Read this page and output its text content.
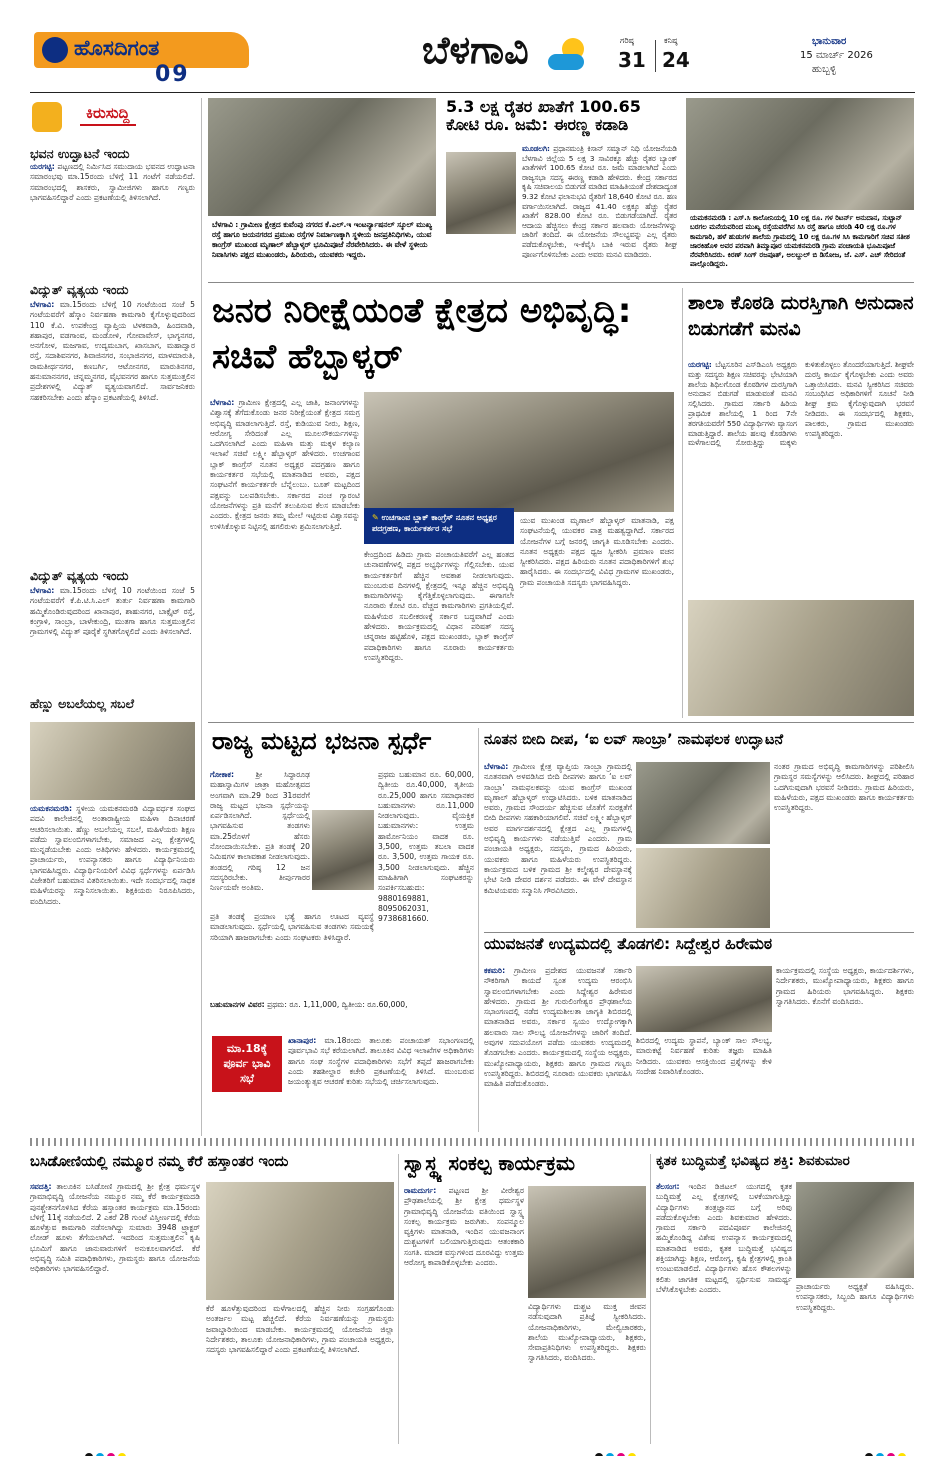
ಹೊಸದಿಗಂತ
09
ಬೆಳಗಾವಿ	ಗರಿಷ್ಠ
31
ಕನಿಷ್ಠ
24
ಭಾನುವಾರ
15 ಮಾರ್ಚ್ 2026
ಹುಬ್ಬಳ್ಳಿ
ಕಿರುಸುದ್ದಿ
ಭವನ ಉದ್ಘಾಟನೆ ಇಂದು
ಯರಗಟ್ಟಿ: ಪಟ್ಟಣದಲ್ಲಿ ನಿರ್ಮಿಸಿದ ಸಮುದಾಯ ಭವನದ ಉದ್ಘಾಟನಾ ಸಮಾರಂಭವು ಮಾ.15ರಂದು ಬೆಳಿಗ್ಗೆ 11 ಗಂಟೆಗೆ ನಡೆಯಲಿದೆ. ಸಮಾರಂಭದಲ್ಲಿ ಶಾಸಕರು, ಸ್ವಾಮೀಜಿಗಳು ಹಾಗೂ ಗಣ್ಯರು ಭಾಗವಹಿಸಲಿದ್ದಾರೆ ಎಂದು ಪ್ರಕಟಣೆಯಲ್ಲಿ ತಿಳಿಸಲಾಗಿದೆ.
ವಿದ್ಯುತ್ ವ್ಯತ್ಯಯ ಇಂದು
ಬೆಳಗಾವಿ: ಮಾ.15ರಂದು ಬೆಳಿಗ್ಗೆ 10 ಗಂಟೆಯಿಂದ ಸಂಜೆ 5 ಗಂಟೆಯವರೆಗೆ ಹೆಸ್ಕಾಂ ನಿರ್ವಹಣಾ ಕಾಮಗಾರಿ ಕೈಗೊಳ್ಳುವುದರಿಂದ 110 ಕೆ.ವಿ. ಉಪಕೇಂದ್ರ ವ್ಯಾಪ್ತಿಯ ಟಿಳಕವಾಡಿ, ಹಿಂದವಾಡಿ, ಶಹಾಪುರ, ವಡಗಾಂವ, ಮಂಡೋಳಿ, ಗೋವಾವೇಸ್, ಭಾಗ್ಯನಗರ, ಅನಗೋಳ, ಮಜಗಾವ, ಉದ್ಯಮಬಾಗ, ಖಾಸಬಾಗ, ಮಹಾದ್ವಾರ ರಸ್ತೆ, ಸದಾಶಿವನಗರ, ಶಿವಾಜಿನಗರ, ಸಂಭಾಜಿನಗರ, ಮಾಳಮಾರುತಿ, ರಾಮತೀರ್ಥನಗರ, ಕಣಬರ್ಗಿ, ಆಟೋನಗರ, ಮಾರುತಿನಗರ, ಹನುಮಾನನಗರ, ಚನ್ನಮ್ಮನಗರ, ವೈಭವನಗರ ಹಾಗೂ ಸುತ್ತಮುತ್ತಲಿನ ಪ್ರದೇಶಗಳಲ್ಲಿ ವಿದ್ಯುತ್ ವ್ಯತ್ಯಯವಾಗಲಿದೆ. ಸಾರ್ವಜನಿಕರು ಸಹಕರಿಸಬೇಕು ಎಂದು ಹೆಸ್ಕಾಂ ಪ್ರಕಟಣೆಯಲ್ಲಿ ತಿಳಿಸಿದೆ.
ವಿದ್ಯುತ್ ವ್ಯತ್ಯಯ ಇಂದು
ಬೆಳಗಾವಿ: ಮಾ.15ರಂದು ಬೆಳಿಗ್ಗೆ 10 ಗಂಟೆಯಿಂದ ಸಂಜೆ 5 ಗಂಟೆಯವರೆಗೆ ಕೆ.ಪಿ.ಟಿ.ಸಿ.ಎಲ್ ತುರ್ತು ನಿರ್ವಹಣಾ ಕಾಮಗಾರಿ ಹಮ್ಮಿಕೊಂಡಿರುವುದರಿಂದ ಖಾನಾಪುರ, ಶಾಹುನಗರ, ಬಾಕ್ಸೈಟ್ ರಸ್ತೆ, ಕಂಗ್ರಾಳಿ, ಸಾಂಬ್ರಾ, ಬಾಳೇಕುಂದ್ರಿ, ಮುತಗಾ ಹಾಗೂ ಸುತ್ತಮುತ್ತಲಿನ ಗ್ರಾಮಗಳಲ್ಲಿ ವಿದ್ಯುತ್ ಪೂರೈಕೆ ಸ್ಥಗಿತಗೊಳ್ಳಲಿದೆ ಎಂದು ತಿಳಿಸಲಾಗಿದೆ.
ಹೆಣ್ಣು ಅಬಲೆಯಲ್ಲ ಸಬಲೆ
ಯಮಕನಮರಡಿ: ಸ್ಥಳೀಯ ಯಮಕನಮರಡಿ ವಿದ್ಯಾವರ್ಧಕ ಸಂಘದ ಪದವಿ ಕಾಲೇಜಿನಲ್ಲಿ ಅಂತಾರಾಷ್ಟ್ರೀಯ ಮಹಿಳಾ ದಿನಾಚರಣೆ ಆಚರಿಸಲಾಯಿತು. ಹೆಣ್ಣು ಅಬಲೆಯಲ್ಲ ಸಬಲೆ, ಮಹಿಳೆಯರು ಶಿಕ್ಷಣ ಪಡೆದು ಸ್ವಾವಲಂಬಿಗಳಾಗಬೇಕು, ಸಮಾಜದ ಎಲ್ಲ ಕ್ಷೇತ್ರಗಳಲ್ಲಿ ಮುನ್ನಡೆಯಬೇಕು ಎಂದು ಅತಿಥಿಗಳು ಹೇಳಿದರು. ಕಾರ್ಯಕ್ರಮದಲ್ಲಿ ಪ್ರಾಚಾರ್ಯರು, ಉಪನ್ಯಾಸಕರು ಹಾಗೂ ವಿದ್ಯಾರ್ಥಿನಿಯರು ಭಾಗವಹಿಸಿದ್ದರು. ವಿದ್ಯಾರ್ಥಿನಿಯರಿಗೆ ವಿವಿಧ ಸ್ಪರ್ಧೆಗಳನ್ನು ಏರ್ಪಡಿಸಿ ವಿಜೇತರಿಗೆ ಬಹುಮಾನ ವಿತರಿಸಲಾಯಿತು. ಇದೇ ಸಂದರ್ಭದಲ್ಲಿ ಸಾಧಕ ಮಹಿಳೆಯರನ್ನು ಸನ್ಮಾನಿಸಲಾಯಿತು. ಶಿಕ್ಷಕಿಯರು ನಿರೂಪಿಸಿದರು, ವಂದಿಸಿದರು.
ಬೆಳಗಾವಿ : ಗ್ರಾಮೀಣ ಕ್ಷೇತ್ರದ ಕುವೆಂಪು ನಗರದ ಕೆ.ಎಲ್.ಇ ಇಂಟರ್ನ್ಯಾಷನಲ್ ಸ್ಕೂಲ್ ಮುಖ್ಯ ರಸ್ತೆ ಹಾಗೂ ಜಯನಗರದ ಪ್ರಮುಖ ರಸ್ತೆಗಳ ನಿರ್ಮಾಣಕ್ಕಾಗಿ ಸ್ಥಳೀಯ ಜನಪ್ರತಿನಿಧಿಗಳು, ಯುವ ಕಾಂಗ್ರೆಸ್ ಮುಖಂಡ ಮೃಣಾಲ್ ಹೆಬ್ಬಾಳ್ಕರ್ ಭೂಮಿಪೂಜೆ ನೆರವೇರಿಸಿದರು. ಈ ವೇಳೆ ಸ್ಥಳೀಯ ನಿವಾಸಿಗಳು ಪಕ್ಷದ ಮುಖಂಡರು, ಹಿರಿಯರು, ಯುವಕರು ಇದ್ದರು.
5.3 ಲಕ್ಷ ರೈತರ ಖಾತೆಗೆ 100.65 ಕೋಟಿ ರೂ. ಜಮೆ: ಈರಣ್ಣ ಕಡಾಡಿ
ಮೂಡಲಗಿ: ಪ್ರಧಾನಮಂತ್ರಿ ಕಿಸಾನ್ ಸಮ್ಮಾನ್ ನಿಧಿ ಯೋಜನೆಯಡಿ ಬೆಳಗಾವಿ ಜಿಲ್ಲೆಯ 5 ಲಕ್ಷ 3 ಸಾವಿರಕ್ಕೂ ಹೆಚ್ಚು ರೈತರ ಬ್ಯಾಂಕ್ ಖಾತೆಗಳಿಗೆ 100.65 ಕೋಟಿ ರೂ. ಜಮೆ ಮಾಡಲಾಗಿದೆ ಎಂದು ರಾಜ್ಯಸಭಾ ಸದಸ್ಯ ಈರಣ್ಣ ಕಡಾಡಿ ಹೇಳಿದರು. ಕೇಂದ್ರ ಸರ್ಕಾರದ ಕೃಷಿ ಸಚಿವಾಲಯ ಬಿಡುಗಡೆ ಮಾಡಿದ ಮಾಹಿತಿಯಂತೆ ದೇಶದಾದ್ಯಂತ 9.32 ಕೋಟಿ ಫಲಾನುಭವಿ ರೈತರಿಗೆ 18,640 ಕೋಟಿ ರೂ. ಹಣ ವರ್ಗಾಯಿಸಲಾಗಿದೆ. ರಾಜ್ಯದ 41.40 ಲಕ್ಷಕ್ಕೂ ಹೆಚ್ಚು ರೈತರ ಖಾತೆಗೆ 828.00 ಕೋಟಿ ರೂ. ಬಿಡುಗಡೆಯಾಗಿದೆ. ರೈತರ ಆದಾಯ ಹೆಚ್ಚಿಸಲು ಕೇಂದ್ರ ಸರ್ಕಾರ ಹಲವಾರು ಯೋಜನೆಗಳನ್ನು ಜಾರಿಗೆ ತಂದಿದೆ. ಈ ಯೋಜನೆಯ ಸೌಲಭ್ಯವನ್ನು ಎಲ್ಲ ರೈತರು ಪಡೆದುಕೊಳ್ಳಬೇಕು, ಇ-ಕೆವೈಸಿ ಬಾಕಿ ಇರುವ ರೈತರು ಶೀಘ್ರ ಪೂರ್ಣಗೊಳಿಸಬೇಕು ಎಂದು ಅವರು ಮನವಿ ಮಾಡಿದರು.
ಯಮಕನಮರಡಿ : ಎಸ್.ಸಿ ಕಾಲೋನಿಯಲ್ಲಿ 10 ಲಕ್ಷ ರೂ. ಗಳ ರಿಟರ್ನ್ ಅನುದಾನ, ಸುಟ್ಟಾನ್ ಬರಗಲ ಮನೆಯವರಿಂದ ಮುಖ್ಯ ರಸ್ತೆಯವರೆಗಿನ ಸಿಸಿ ರಸ್ತೆ ಹಾಗೂ ಚರಂಡಿ 40 ಲಕ್ಷ ರೂ.ಗಳ ಕಾಮಗಾರಿ, ಹಳೆ ಹುಡುಗಳ ಶಾಲೆಯ ಗ್ರಾಮದಲ್ಲಿ 10 ಲಕ್ಷ ರೂ.ಗಳ ಸಿಸಿ ಕಾಮಗಾರಿಗೆ ಸಚಿವ ಸತೀಶ ಜಾರಕಿಹೊಳಿ ಅವರ ಪರವಾಗಿ ತಿಮ್ಮಾಪೂರ ಯಮಕನಮರಡಿ ಗ್ರಾಮ ಪಂಚಾಯತಿ ಭೂಮಿಪೂಜೆ ನೆರವೇರಿಸಿದರು. ಕಿರಣ್ ಸಿಂಗ್ ರಜಪೂತ್, ಅಲಬ್ದುಲ್ ಬಿ ಡಿಸೋಜ, ಜೆ. ಎಸ್. ಎಚ್ ಸೇರಿದಂತೆ ಪಾಲ್ಗೊಂಡಿದ್ದರು.
ಜನರ ನಿರೀಕ್ಷೆಯಂತೆ ಕ್ಷೇತ್ರದ ಅಭಿವೃದ್ಧಿ: ಸಚಿವೆ ಹೆಬ್ಬಾಳ್ಕರ್
ಬೆಳಗಾವಿ: ಗ್ರಾಮೀಣ ಕ್ಷೇತ್ರದಲ್ಲಿ ಎಲ್ಲ ಜಾತಿ, ಜನಾಂಗಗಳನ್ನು ವಿಶ್ವಾಸಕ್ಕೆ ತೆಗೆದುಕೊಂಡು ಜನರ ನಿರೀಕ್ಷೆಯಂತೆ ಕ್ಷೇತ್ರದ ಸಮಗ್ರ ಅಭಿವೃದ್ಧಿ ಮಾಡಲಾಗುತ್ತಿದೆ. ರಸ್ತೆ, ಕುಡಿಯುವ ನೀರು, ಶಿಕ್ಷಣ, ಆರೋಗ್ಯ ಸೇರಿದಂತೆ ಎಲ್ಲ ಮೂಲಸೌಕರ್ಯಗಳನ್ನು ಒದಗಿಸಲಾಗಿದೆ ಎಂದು ಮಹಿಳಾ ಮತ್ತು ಮಕ್ಕಳ ಕಲ್ಯಾಣ ಇಲಾಖೆ ಸಚಿವೆ ಲಕ್ಷ್ಮೀ ಹೆಬ್ಬಾಳ್ಕರ್ ಹೇಳಿದರು. ಉಚಗಾಂವ ಬ್ಲಾಕ್ ಕಾಂಗ್ರೆಸ್ ನೂತನ ಅಧ್ಯಕ್ಷರ ಪದಗ್ರಹಣ ಹಾಗೂ ಕಾರ್ಯಕರ್ತರ ಸಭೆಯಲ್ಲಿ ಮಾತನಾಡಿದ ಅವರು, ಪಕ್ಷದ ಸಂಘಟನೆಗೆ ಕಾರ್ಯಕರ್ತರೇ ಬೆನ್ನೆಲುಬು. ಬೂತ್ ಮಟ್ಟದಿಂದ ಪಕ್ಷವನ್ನು ಬಲಪಡಿಸಬೇಕು. ಸರ್ಕಾರದ ಪಂಚ ಗ್ಯಾರಂಟಿ ಯೋಜನೆಗಳನ್ನು ಪ್ರತಿ ಮನೆಗೆ ತಲುಪಿಸುವ ಕೆಲಸ ಮಾಡಬೇಕು ಎಂದರು. ಕ್ಷೇತ್ರದ ಜನರು ತಮ್ಮ ಮೇಲೆ ಇಟ್ಟಿರುವ ವಿಶ್ವಾಸವನ್ನು ಉಳಿಸಿಕೊಳ್ಳುವ ನಿಟ್ಟಿನಲ್ಲಿ ಹಗಲಿರುಳು ಶ್ರಮಿಸಲಾಗುತ್ತಿದೆ.
✎ ಉಚಗಾಂವ ಬ್ಲಾಕ್ ಕಾಂಗ್ರೆಸ್ ನೂತನ ಅಧ್ಯಕ್ಷರ ಪದಗ್ರಹಣ, ಕಾರ್ಯಕರ್ತರ ಸಭೆ
ಕೇಂದ್ರದಿಂದ ಹಿಡಿದು ಗ್ರಾಮ ಪಂಚಾಯತಿವರೆಗೆ ಎಲ್ಲ ಹಂತದ ಚುನಾವಣೆಗಳಲ್ಲಿ ಪಕ್ಷದ ಅಭ್ಯರ್ಥಿಗಳನ್ನು ಗೆಲ್ಲಿಸಬೇಕು. ಯುವ ಕಾರ್ಯಕರ್ತರಿಗೆ ಹೆಚ್ಚಿನ ಅವಕಾಶ ನೀಡಲಾಗುವುದು. ಮುಂಬರುವ ದಿನಗಳಲ್ಲಿ ಕ್ಷೇತ್ರದಲ್ಲಿ ಇನ್ನೂ ಹೆಚ್ಚಿನ ಅಭಿವೃದ್ಧಿ ಕಾಮಗಾರಿಗಳನ್ನು ಕೈಗೆತ್ತಿಕೊಳ್ಳಲಾಗುವುದು. ಈಗಾಗಲೇ ನೂರಾರು ಕೋಟಿ ರೂ. ವೆಚ್ಚದ ಕಾಮಗಾರಿಗಳು ಪ್ರಗತಿಯಲ್ಲಿವೆ. ಮಹಿಳೆಯರ ಸಬಲೀಕರಣಕ್ಕೆ ಸರ್ಕಾರ ಬದ್ಧವಾಗಿದೆ ಎಂದು ಹೇಳಿದರು. ಕಾರ್ಯಕ್ರಮದಲ್ಲಿ ವಿಧಾನ ಪರಿಷತ್ ಸದಸ್ಯ ಚನ್ನರಾಜ ಹಟ್ಟಿಹೊಳಿ, ಪಕ್ಷದ ಮುಖಂಡರು, ಬ್ಲಾಕ್ ಕಾಂಗ್ರೆಸ್ ಪದಾಧಿಕಾರಿಗಳು ಹಾಗೂ ನೂರಾರು ಕಾರ್ಯಕರ್ತರು ಉಪಸ್ಥಿತರಿದ್ದರು.
ಯುವ ಮುಖಂಡ ಮೃಣಾಲ್ ಹೆಬ್ಬಾಳ್ಕರ್ ಮಾತನಾಡಿ, ಪಕ್ಷ ಸಂಘಟನೆಯಲ್ಲಿ ಯುವಕರ ಪಾತ್ರ ಮಹತ್ವದ್ದಾಗಿದೆ. ಸರ್ಕಾರದ ಯೋಜನೆಗಳ ಬಗ್ಗೆ ಜನರಲ್ಲಿ ಜಾಗೃತಿ ಮೂಡಿಸಬೇಕು ಎಂದರು. ನೂತನ ಅಧ್ಯಕ್ಷರು ಪಕ್ಷದ ಧ್ವಜ ಸ್ವೀಕರಿಸಿ ಪ್ರಮಾಣ ವಚನ ಸ್ವೀಕರಿಸಿದರು. ಪಕ್ಷದ ಹಿರಿಯರು ನೂತನ ಪದಾಧಿಕಾರಿಗಳಿಗೆ ಶುಭ ಹಾರೈಸಿದರು. ಈ ಸಂದರ್ಭದಲ್ಲಿ ವಿವಿಧ ಗ್ರಾಮಗಳ ಮುಖಂಡರು, ಗ್ರಾಮ ಪಂಚಾಯತಿ ಸದಸ್ಯರು ಭಾಗವಹಿಸಿದ್ದರು.
ಶಾಲಾ ಕೊಠಡಿ ದುರಸ್ತಿಗಾಗಿ ಅನುದಾನ ಬಿಡುಗಡೆಗೆ ಮನವಿ
ಯರಗಟ್ಟಿ: ಬೆಟ್ಟಸೂರಿನ ಎಸ್‌ಡಿಎಂಸಿ ಅಧ್ಯಕ್ಷರು ಮತ್ತು ಸದಸ್ಯರು ಶಿಕ್ಷಣ ಸಚಿವರನ್ನು ಭೇಟಿಯಾಗಿ ಶಾಲೆಯ ಶಿಥಿಲಗೊಂಡ ಕೊಠಡಿಗಳ ದುರಸ್ತಿಗಾಗಿ ಅನುದಾನ ಬಿಡುಗಡೆ ಮಾಡುವಂತೆ ಮನವಿ ಸಲ್ಲಿಸಿದರು. ಗ್ರಾಮದ ಸರ್ಕಾರಿ ಹಿರಿಯ ಪ್ರಾಥಮಿಕ ಶಾಲೆಯಲ್ಲಿ 1 ರಿಂದ 7ನೇ ತರಗತಿಯವರೆಗೆ 550 ವಿದ್ಯಾರ್ಥಿಗಳು ವ್ಯಾಸಂಗ ಮಾಡುತ್ತಿದ್ದಾರೆ. ಶಾಲೆಯ ಹಲವು ಕೊಠಡಿಗಳು ಮಳೆಗಾಲದಲ್ಲಿ ಸೋರುತ್ತಿದ್ದು ಮಕ್ಕಳು ಕುಳಿತುಕೊಳ್ಳಲು ತೊಂದರೆಯಾಗುತ್ತಿದೆ. ಶೀಘ್ರವೇ ದುರಸ್ತಿ ಕಾರ್ಯ ಕೈಗೊಳ್ಳಬೇಕು ಎಂದು ಅವರು ಒತ್ತಾಯಿಸಿದರು. ಮನವಿ ಸ್ವೀಕರಿಸಿದ ಸಚಿವರು ಸಂಬಂಧಿಸಿದ ಅಧಿಕಾರಿಗಳಿಗೆ ಸೂಚನೆ ನೀಡಿ ಶೀಘ್ರ ಕ್ರಮ ಕೈಗೊಳ್ಳುವುದಾಗಿ ಭರವಸೆ ನೀಡಿದರು. ಈ ಸಂದರ್ಭದಲ್ಲಿ ಶಿಕ್ಷಕರು, ಪಾಲಕರು, ಗ್ರಾಮದ ಮುಖಂಡರು ಉಪಸ್ಥಿತರಿದ್ದರು.
ರಾಜ್ಯ ಮಟ್ಟದ ಭಜನಾ ಸ್ಪರ್ಧೆ
ಗೋಕಾಕ:	ಶ್ರೀ ಸಿದ್ಧಾರೂಢ ಮಹಾಸ್ವಾಮಿಗಳ ಜಾತ್ರಾ ಮಹೋತ್ಸವದ ಅಂಗವಾಗಿ ಮಾ.29 ರಿಂದ 31ರವರೆಗೆ ರಾಜ್ಯ ಮಟ್ಟದ ಭಜನಾ ಸ್ಪರ್ಧೆಯನ್ನು ಏರ್ಪಡಿಸಲಾಗಿದೆ. ಸ್ಪರ್ಧೆಯಲ್ಲಿ ಭಾಗವಹಿಸುವ ತಂಡಗಳು ಮಾ.25ರೊಳಗೆ ಹೆಸರು ನೋಂದಾಯಿಸಬೇಕು. ಪ್ರತಿ ತಂಡಕ್ಕೆ 20 ನಿಮಿಷಗಳ ಕಾಲಾವಕಾಶ ನೀಡಲಾಗುವುದು. ತಂಡದಲ್ಲಿ ಗರಿಷ್ಠ 12 ಜನ ಸದಸ್ಯರಿರಬೇಕು. ತೀರ್ಪುಗಾರರ ನಿರ್ಣಯವೇ ಅಂತಿಮ.
ಪ್ರಥಮ ಬಹುಮಾನ ರೂ. 60,000, ದ್ವಿತೀಯ ರೂ.40,000, ತೃತೀಯ ರೂ.25,000 ಹಾಗೂ ಸಮಾಧಾನಕರ ಬಹುಮಾನಗಳು ರೂ.11,000 ನೀಡಲಾಗುವುದು. ವೈಯಕ್ತಿಕ ಬಹುಮಾನಗಳು: ಉತ್ತಮ ಹಾರ್ಮೋನಿಯಂ ವಾದಕ ರೂ. 3,500, ಉತ್ತಮ ತಬಲಾ ವಾದಕ ರೂ. 3,500, ಉತ್ತಮ ಗಾಯಕ ರೂ. 3,500 ನೀಡಲಾಗುವುದು. ಹೆಚ್ಚಿನ ಮಾಹಿತಿಗಾಗಿ ಸಂಘಟಕರನ್ನು ಸಂಪರ್ಕಿಸಬಹುದು: 9880169881, 8095062031, 9738681660.
ಪ್ರತಿ ತಂಡಕ್ಕೆ ಪ್ರಯಾಣ ಭತ್ಯೆ ಹಾಗೂ ಊಟದ ವ್ಯವಸ್ಥೆ ಮಾಡಲಾಗುವುದು. ಸ್ಪರ್ಧೆಯಲ್ಲಿ ಭಾಗವಹಿಸುವ ತಂಡಗಳು ಸಮಯಕ್ಕೆ ಸರಿಯಾಗಿ ಹಾಜರಾಗಬೇಕು ಎಂದು ಸಂಘಟಕರು ತಿಳಿಸಿದ್ದಾರೆ.
ಬಹುಮಾನಗಳ ವಿವರ: ಪ್ರಥಮ: ರೂ. 1,11,000, ದ್ವಿತೀಯ: ರೂ.60,000,
ಮಾ.18ಕ್ಕೆ ಪೂರ್ವ ಭಾವಿ ಸಭೆ
ಖಾನಾಪುರ: ಮಾ.18ರಂದು ತಾಲೂಕು ಪಂಚಾಯತ್ ಸಭಾಂಗಣದಲ್ಲಿ ಪೂರ್ವಭಾವಿ ಸಭೆ ಕರೆಯಲಾಗಿದೆ. ತಾಲೂಕಿನ ವಿವಿಧ ಇಲಾಖೆಗಳ ಅಧಿಕಾರಿಗಳು ಹಾಗೂ ಸಂಘ ಸಂಸ್ಥೆಗಳ ಪದಾಧಿಕಾರಿಗಳು ಸಭೆಗೆ ತಪ್ಪದೆ ಹಾಜರಾಗಬೇಕು ಎಂದು ತಹಶೀಲ್ದಾರ ಕಚೇರಿ ಪ್ರಕಟಣೆಯಲ್ಲಿ ತಿಳಿಸಿದೆ. ಮುಂಬರುವ ಜಯಂತ್ಯುತ್ಸವ ಆಚರಣೆ ಕುರಿತು ಸಭೆಯಲ್ಲಿ ಚರ್ಚಿಸಲಾಗುವುದು.
ನೂತನ ಬೀದಿ ದೀಪ, ‘ಐ ಲವ್ ಸಾಂಬ್ರಾ’ ನಾಮಫಲಕ ಉದ್ಘಾಟನೆ
ಬೆಳಗಾವಿ: ಗ್ರಾಮೀಣ ಕ್ಷೇತ್ರ ವ್ಯಾಪ್ತಿಯ ಸಾಂಬ್ರಾ ಗ್ರಾಮದಲ್ಲಿ ನೂತನವಾಗಿ ಅಳವಡಿಸಿದ ಬೀದಿ ದೀಪಗಳು ಹಾಗೂ ‘ಐ ಲವ್ ಸಾಂಬ್ರಾ’ ನಾಮಫಲಕವನ್ನು ಯುವ ಕಾಂಗ್ರೆಸ್ ಮುಖಂಡ ಮೃಣಾಲ್ ಹೆಬ್ಬಾಳ್ಕರ್ ಉದ್ಘಾಟಿಸಿದರು. ಬಳಿಕ ಮಾತನಾಡಿದ ಅವರು, ಗ್ರಾಮದ ಸೌಂದರ್ಯ ಹೆಚ್ಚಿಸುವ ಜೊತೆಗೆ ಸುರಕ್ಷತೆಗೆ ಬೀದಿ ದೀಪಗಳು ಸಹಕಾರಿಯಾಗಲಿವೆ. ಸಚಿವೆ ಲಕ್ಷ್ಮೀ ಹೆಬ್ಬಾಳ್ಕರ್ ಅವರ ಮಾರ್ಗದರ್ಶನದಲ್ಲಿ ಕ್ಷೇತ್ರದ ಎಲ್ಲ ಗ್ರಾಮಗಳಲ್ಲಿ ಅಭಿವೃದ್ಧಿ ಕಾರ್ಯಗಳು ನಡೆಯುತ್ತಿವೆ ಎಂದರು. ಗ್ರಾಮ ಪಂಚಾಯತಿ ಅಧ್ಯಕ್ಷರು, ಸದಸ್ಯರು, ಗ್ರಾಮದ ಹಿರಿಯರು, ಯುವಕರು ಹಾಗೂ ಮಹಿಳೆಯರು ಉಪಸ್ಥಿತರಿದ್ದರು. ಕಾರ್ಯಕ್ರಮದ ಬಳಿಕ ಗ್ರಾಮದ ಶ್ರೀ ಕಲ್ಮೇಶ್ವರ ದೇವಸ್ಥಾನಕ್ಕೆ ಭೇಟಿ ನೀಡಿ ದೇವರ ದರ್ಶನ ಪಡೆದರು. ಈ ವೇಳೆ ದೇವಸ್ಥಾನ ಕಮಿಟಿಯವರು ಸನ್ಮಾನಿಸಿ ಗೌರವಿಸಿದರು.
ನಂತರ ಗ್ರಾಮದ ಅಭಿವೃದ್ಧಿ ಕಾಮಗಾರಿಗಳನ್ನು ಪರಿಶೀಲಿಸಿ ಗ್ರಾಮಸ್ಥರ ಸಮಸ್ಯೆಗಳನ್ನು ಆಲಿಸಿದರು. ಶೀಘ್ರದಲ್ಲಿ ಪರಿಹಾರ ಒದಗಿಸುವುದಾಗಿ ಭರವಸೆ ನೀಡಿದರು. ಗ್ರಾಮದ ಹಿರಿಯರು, ಮಹಿಳೆಯರು, ಪಕ್ಷದ ಮುಖಂಡರು ಹಾಗೂ ಕಾರ್ಯಕರ್ತರು ಉಪಸ್ಥಿತರಿದ್ದರು.
ಯುವಜನತೆ ಉದ್ಯಮದಲ್ಲಿ ತೊಡಗಲಿ: ಸಿದ್ದೇಶ್ವರ ಹಿರೇಮಠ
ಕಕಮರಿ: ಗ್ರಾಮೀಣ ಪ್ರದೇಶದ ಯುವಜನತೆ ಸರ್ಕಾರಿ ನೌಕರಿಗಾಗಿ ಕಾಯದೆ ಸ್ವಂತ ಉದ್ಯಮ ಆರಂಭಿಸಿ ಸ್ವಾವಲಂಬಿಗಳಾಗಬೇಕು ಎಂದು ಸಿದ್ದೇಶ್ವರ ಹಿರೇಮಠ ಹೇಳಿದರು. ಗ್ರಾಮದ ಶ್ರೀ ಗುರುಲಿಂಗೇಶ್ವರ ಪ್ರೌಢಶಾಲೆಯ ಸಭಾಂಗಣದಲ್ಲಿ ನಡೆದ ಉದ್ಯಮಶೀಲತಾ ಜಾಗೃತಿ ಶಿಬಿರದಲ್ಲಿ ಮಾತನಾಡಿದ ಅವರು, ಸರ್ಕಾರ ಸ್ವಯಂ ಉದ್ಯೋಗಕ್ಕಾಗಿ ಹಲವಾರು ಸಾಲ ಸೌಲಭ್ಯ ಯೋಜನೆಗಳನ್ನು ಜಾರಿಗೆ ತಂದಿದೆ. ಅವುಗಳ ಸದುಪಯೋಗ ಪಡೆದು ಯುವಕರು ಉದ್ಯಮದಲ್ಲಿ ತೊಡಗಬೇಕು ಎಂದರು. ಕಾರ್ಯಕ್ರಮದಲ್ಲಿ ಸಂಸ್ಥೆಯ ಅಧ್ಯಕ್ಷರು, ಮುಖ್ಯೋಪಾಧ್ಯಾಯರು, ಶಿಕ್ಷಕರು ಹಾಗೂ ಗ್ರಾಮದ ಗಣ್ಯರು ಉಪಸ್ಥಿತರಿದ್ದರು. ಶಿಬಿರದಲ್ಲಿ ನೂರಾರು ಯುವಕರು ಭಾಗವಹಿಸಿ ಮಾಹಿತಿ ಪಡೆದುಕೊಂಡರು.
ಶಿಬಿರದಲ್ಲಿ ಉದ್ಯಮ ಸ್ಥಾಪನೆ, ಬ್ಯಾಂಕ್ ಸಾಲ ಸೌಲಭ್ಯ, ಮಾರುಕಟ್ಟೆ ನಿರ್ವಹಣೆ ಕುರಿತು ತಜ್ಞರು ಮಾಹಿತಿ ನೀಡಿದರು. ಯುವಕರು ಆಸಕ್ತಿಯಿಂದ ಪ್ರಶ್ನೆಗಳನ್ನು ಕೇಳಿ ಸಂದೇಹ ನಿವಾರಿಸಿಕೊಂಡರು.
ಕಾರ್ಯಕ್ರಮದಲ್ಲಿ ಸಂಸ್ಥೆಯ ಅಧ್ಯಕ್ಷರು, ಕಾರ್ಯದರ್ಶಿಗಳು, ನಿರ್ದೇಶಕರು, ಮುಖ್ಯೋಪಾಧ್ಯಾಯರು, ಶಿಕ್ಷಕರು ಹಾಗೂ ಗ್ರಾಮದ ಹಿರಿಯರು ಭಾಗವಹಿಸಿದ್ದರು. ಶಿಕ್ಷಕರು ಸ್ವಾಗತಿಸಿದರು. ಕೊನೆಗೆ ವಂದಿಸಿದರು.
ಬಸಿಡೋಣಿಯಲ್ಲಿ ನಮ್ಮೂರ ನಮ್ಮ ಕೆರೆ ಹಸ್ತಾಂತರ ಇಂದು
ಸವದತ್ತಿ: ತಾಲೂಕಿನ ಬಸಿಡೋಣಿ ಗ್ರಾಮದಲ್ಲಿ ಶ್ರೀ ಕ್ಷೇತ್ರ ಧರ್ಮಸ್ಥಳ ಗ್ರಾಮಾಭಿವೃದ್ಧಿ ಯೋಜನೆಯ ನಮ್ಮೂರ ನಮ್ಮ ಕೆರೆ ಕಾರ್ಯಕ್ರಮದಡಿ ಪುನಶ್ಚೇತನಗೊಳಿಸಿದ ಕೆರೆಯ ಹಸ್ತಾಂತರ ಕಾರ್ಯಕ್ರಮ ಮಾ.15ರಂದು ಬೆಳಿಗ್ಗೆ 11ಕ್ಕೆ ನಡೆಯಲಿದೆ. 2 ಎಕರೆ 28 ಗುಂಟೆ ವಿಸ್ತೀರ್ಣದಲ್ಲಿ ಕೆರೆಯ ಹೂಳೆತ್ತುವ ಕಾಮಗಾರಿ ನಡೆಸಲಾಗಿದ್ದು ಸುಮಾರು 3948 ಟ್ರ್ಯಾಕ್ಟರ್ ಲೋಡ್ ಹೂಳು ತೆಗೆಯಲಾಗಿದೆ. ಇದರಿಂದ ಸುತ್ತಮುತ್ತಲಿನ ಕೃಷಿ ಭೂಮಿಗೆ ಹಾಗೂ ಜಾನುವಾರುಗಳಿಗೆ ಅನುಕೂಲವಾಗಲಿದೆ. ಕೆರೆ ಅಭಿವೃದ್ಧಿ ಸಮಿತಿ ಪದಾಧಿಕಾರಿಗಳು, ಗ್ರಾಮಸ್ಥರು ಹಾಗೂ ಯೋಜನೆಯ ಅಧಿಕಾರಿಗಳು ಭಾಗವಹಿಸಲಿದ್ದಾರೆ.
ಕೆರೆ ಹೂಳೆತ್ತುವುದರಿಂದ ಮಳೆಗಾಲದಲ್ಲಿ ಹೆಚ್ಚಿನ ನೀರು ಸಂಗ್ರಹಗೊಂಡು ಅಂತರ್ಜಲ ಮಟ್ಟ ಹೆಚ್ಚಲಿದೆ. ಕೆರೆಯ ನಿರ್ವಹಣೆಯನ್ನು ಗ್ರಾಮಸ್ಥರು ಜವಾಬ್ದಾರಿಯಿಂದ ಮಾಡಬೇಕು. ಕಾರ್ಯಕ್ರಮದಲ್ಲಿ ಯೋಜನೆಯ ಜಿಲ್ಲಾ ನಿರ್ದೇಶಕರು, ತಾಲೂಕು ಯೋಜನಾಧಿಕಾರಿಗಳು, ಗ್ರಾಮ ಪಂಚಾಯತಿ ಅಧ್ಯಕ್ಷರು, ಸದಸ್ಯರು ಭಾಗವಹಿಸಲಿದ್ದಾರೆ ಎಂದು ಪ್ರಕಟಣೆಯಲ್ಲಿ ತಿಳಿಸಲಾಗಿದೆ.
ಸ್ವಾಸ್ಥ್ಯ ಸಂಕಲ್ಪ ಕಾರ್ಯಕ್ರಮ
ರಾಮದುರ್ಗ: ಪಟ್ಟಣದ ಶ್ರೀ ವೀರೇಶ್ವರ ಪ್ರೌಢಶಾಲೆಯಲ್ಲಿ ಶ್ರೀ ಕ್ಷೇತ್ರ ಧರ್ಮಸ್ಥಳ ಗ್ರಾಮಾಭಿವೃದ್ಧಿ ಯೋಜನೆಯ ವತಿಯಿಂದ ಸ್ವಾಸ್ಥ್ಯ ಸಂಕಲ್ಪ ಕಾರ್ಯಕ್ರಮ ಜರುಗಿತು. ಸಂಪನ್ಮೂಲ ವ್ಯಕ್ತಿಗಳು ಮಾತನಾಡಿ, ಇಂದಿನ ಯುವಜನಾಂಗ ದುಶ್ಚಟಗಳಿಗೆ ಬಲಿಯಾಗುತ್ತಿರುವುದು ಆತಂಕಕಾರಿ ಸಂಗತಿ. ಮಾದಕ ವಸ್ತುಗಳಿಂದ ದೂರವಿದ್ದು ಉತ್ತಮ ಆರೋಗ್ಯ ಕಾಪಾಡಿಕೊಳ್ಳಬೇಕು ಎಂದರು.
ವಿದ್ಯಾರ್ಥಿಗಳು ದುಶ್ಚಟ ಮುಕ್ತ ಜೀವನ ನಡೆಸುವುದಾಗಿ ಪ್ರತಿಜ್ಞೆ ಸ್ವೀಕರಿಸಿದರು. ಯೋಜನಾಧಿಕಾರಿಗಳು, ಮೇಲ್ವಿಚಾರಕರು, ಶಾಲೆಯ ಮುಖ್ಯೋಪಾಧ್ಯಾಯರು, ಶಿಕ್ಷಕರು, ಸೇವಾಪ್ರತಿನಿಧಿಗಳು ಉಪಸ್ಥಿತರಿದ್ದರು. ಶಿಕ್ಷಕರು ಸ್ವಾಗತಿಸಿದರು, ವಂದಿಸಿದರು.
ಕೃತಕ ಬುದ್ಧಿಮತ್ತೆ ಭವಿಷ್ಯದ ಶಕ್ತಿ: ಶಿವಕುಮಾರ
ತೆಲಸಂಗ: ಇಂದಿನ ಡಿಜಿಟಲ್ ಯುಗದಲ್ಲಿ ಕೃತಕ ಬುದ್ಧಿಮತ್ತೆ ಎಲ್ಲ ಕ್ಷೇತ್ರಗಳಲ್ಲಿ ಬಳಕೆಯಾಗುತ್ತಿದ್ದು ವಿದ್ಯಾರ್ಥಿಗಳು ತಂತ್ರಜ್ಞಾನದ ಬಗ್ಗೆ ಅರಿವು ಪಡೆದುಕೊಳ್ಳಬೇಕು ಎಂದು ಶಿವಕುಮಾರ ಹೇಳಿದರು. ಗ್ರಾಮದ ಸರ್ಕಾರಿ ಪದವಿಪೂರ್ವ ಕಾಲೇಜಿನಲ್ಲಿ ಹಮ್ಮಿಕೊಂಡಿದ್ದ ವಿಶೇಷ ಉಪನ್ಯಾಸ ಕಾರ್ಯಕ್ರಮದಲ್ಲಿ ಮಾತನಾಡಿದ ಅವರು, ಕೃತಕ ಬುದ್ಧಿಮತ್ತೆ ಭವಿಷ್ಯದ ಶಕ್ತಿಯಾಗಿದ್ದು ಶಿಕ್ಷಣ, ಆರೋಗ್ಯ, ಕೃಷಿ ಕ್ಷೇತ್ರಗಳಲ್ಲಿ ಕ್ರಾಂತಿ ಉಂಟುಮಾಡಲಿದೆ. ವಿದ್ಯಾರ್ಥಿಗಳು ಹೊಸ ಕೌಶಲಗಳನ್ನು ಕಲಿತು ಜಾಗತಿಕ ಮಟ್ಟದಲ್ಲಿ ಸ್ಪರ್ಧಿಸುವ ಸಾಮರ್ಥ್ಯ ಬೆಳೆಸಿಕೊಳ್ಳಬೇಕು ಎಂದರು.	ಪ್ರಾಚಾರ್ಯರು ಅಧ್ಯಕ್ಷತೆ ವಹಿಸಿದ್ದರು. ಉಪನ್ಯಾಸಕರು, ಸಿಬ್ಬಂದಿ ಹಾಗೂ ವಿದ್ಯಾರ್ಥಿಗಳು ಉಪಸ್ಥಿತರಿದ್ದರು.
